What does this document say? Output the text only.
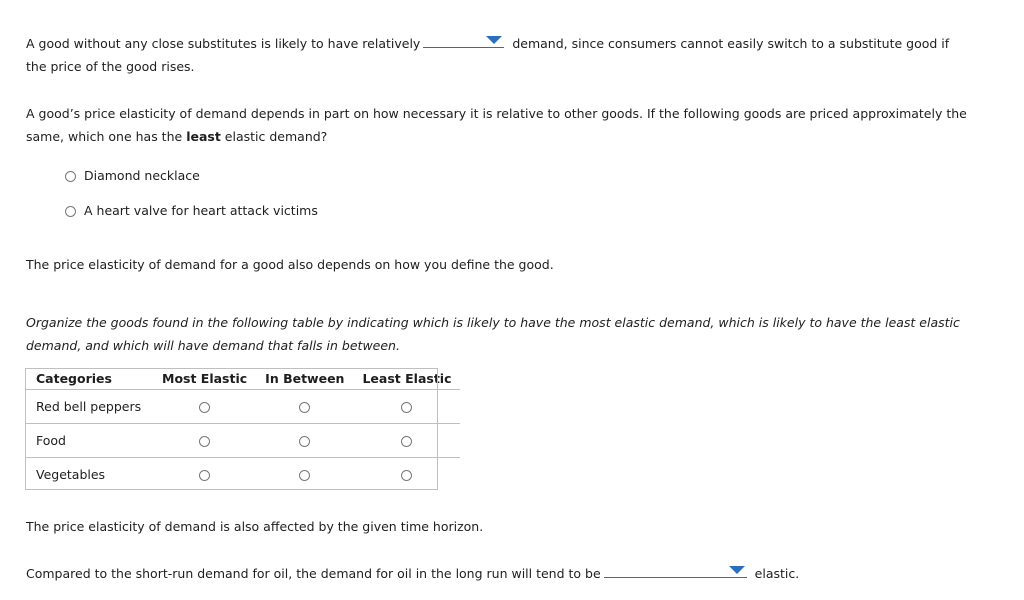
A good without any close substitutes is likely to have relatively	demand, since consumers cannot easily switch to a substitute good if
the price of the good rises.
A good’s price elasticity of demand depends in part on how necessary it is relative to other goods. If the following goods are priced approximately the
same, which one has the least elastic demand?
Diamond necklace
A heart valve for heart attack victims
The price elasticity of demand for a good also depends on how you define the good.
Organize the goods found in the following table by indicating which is likely to have the most elastic demand, which is likely to have the least elastic
demand, and which will have demand that falls in between.
Categories	Most Elastic	In Between	Least Elastic
Red bell peppers			
Food			
Vegetables			
The price elasticity of demand is also affected by the given time horizon.
Compared to the short-run demand for oil, the demand for oil in the long run will tend to be	elastic.
